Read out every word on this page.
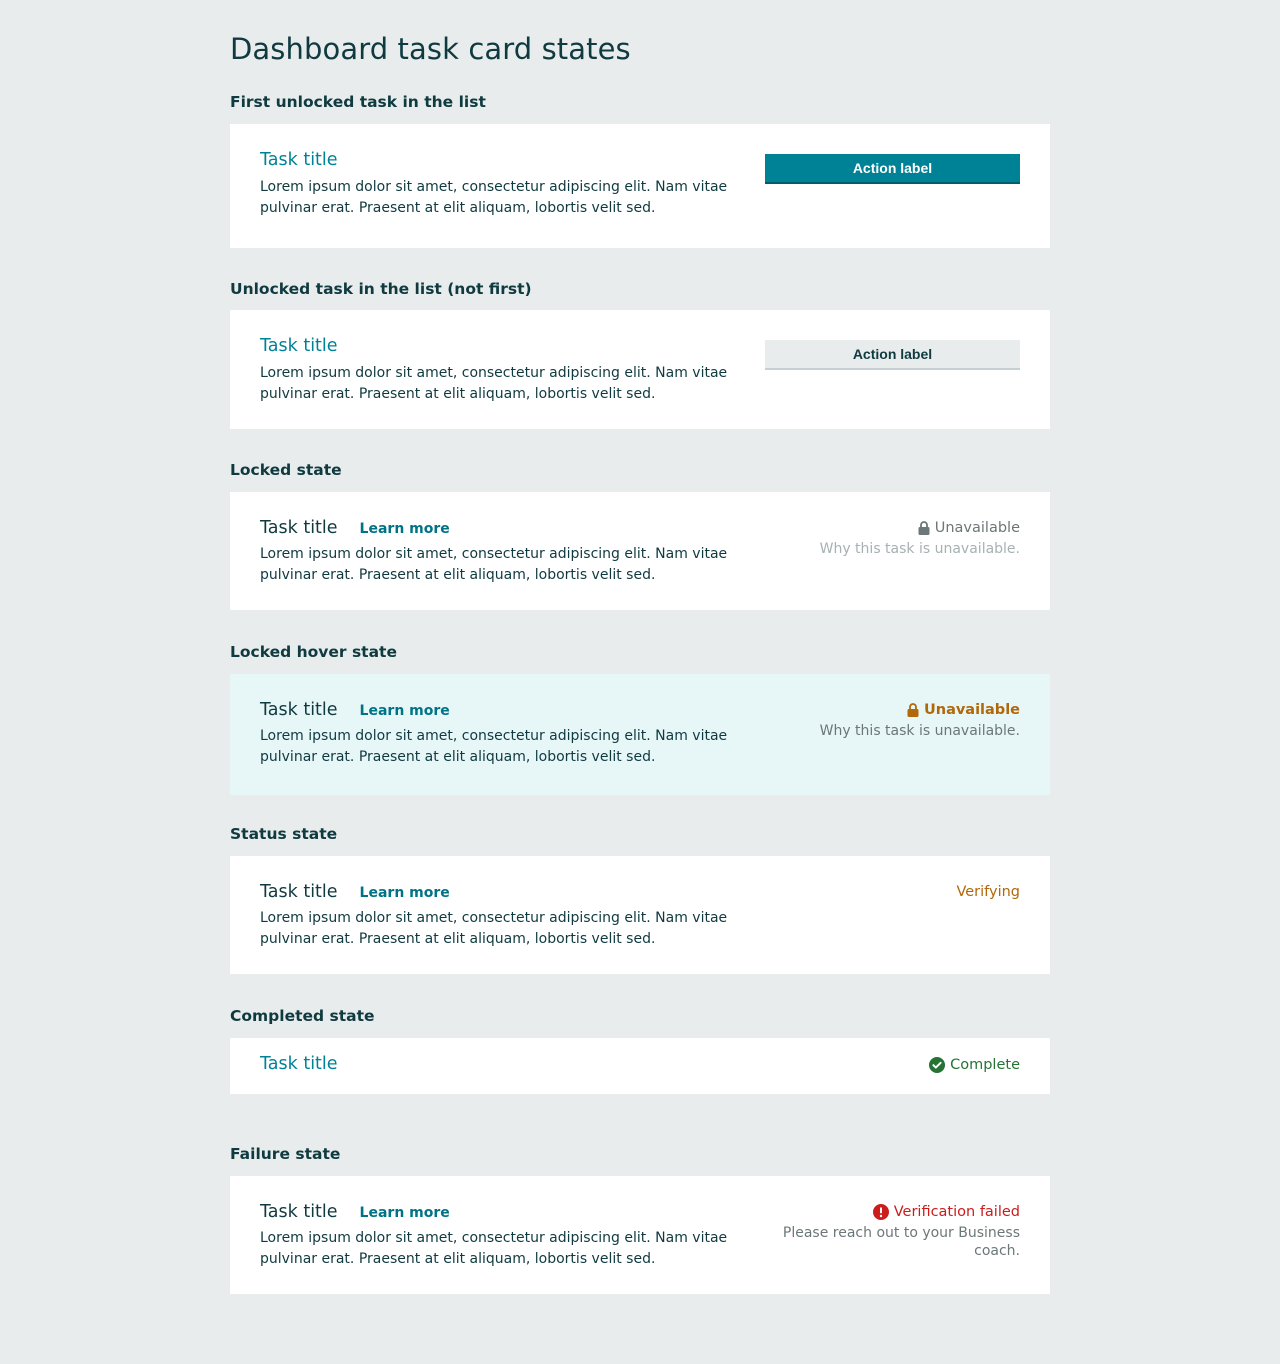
Dashboard task card states
First unlocked task in the list
Task title
Lorem ipsum dolor sit amet, consectetur adipiscing elit. Nam vitae pulvinar erat. Praesent at elit aliquam, lobortis velit sed.
Action label
Unlocked task in the list (not first)
Task title
Lorem ipsum dolor sit amet, consectetur adipiscing elit. Nam vitae pulvinar erat. Praesent at elit aliquam, lobortis velit sed.
Action label
Locked state
Task title Learn more
Lorem ipsum dolor sit amet, consectetur adipiscing elit. Nam vitae pulvinar erat. Praesent at elit aliquam, lobortis velit sed.
Unavailable
Why this task is unavailable.
Locked hover state
Task title Learn more
Lorem ipsum dolor sit amet, consectetur adipiscing elit. Nam vitae pulvinar erat. Praesent at elit aliquam, lobortis velit sed.
Unavailable
Why this task is unavailable.
Status state
Task title Learn more
Lorem ipsum dolor sit amet, consectetur adipiscing elit. Nam vitae pulvinar erat. Praesent at elit aliquam, lobortis velit sed.
Verifying
Completed state
Task title	Complete
Failure state
Task title Learn more
Lorem ipsum dolor sit amet, consectetur adipiscing elit. Nam vitae pulvinar erat. Praesent at elit aliquam, lobortis velit sed.
Verification failed
Please reach out to your Business coach.
